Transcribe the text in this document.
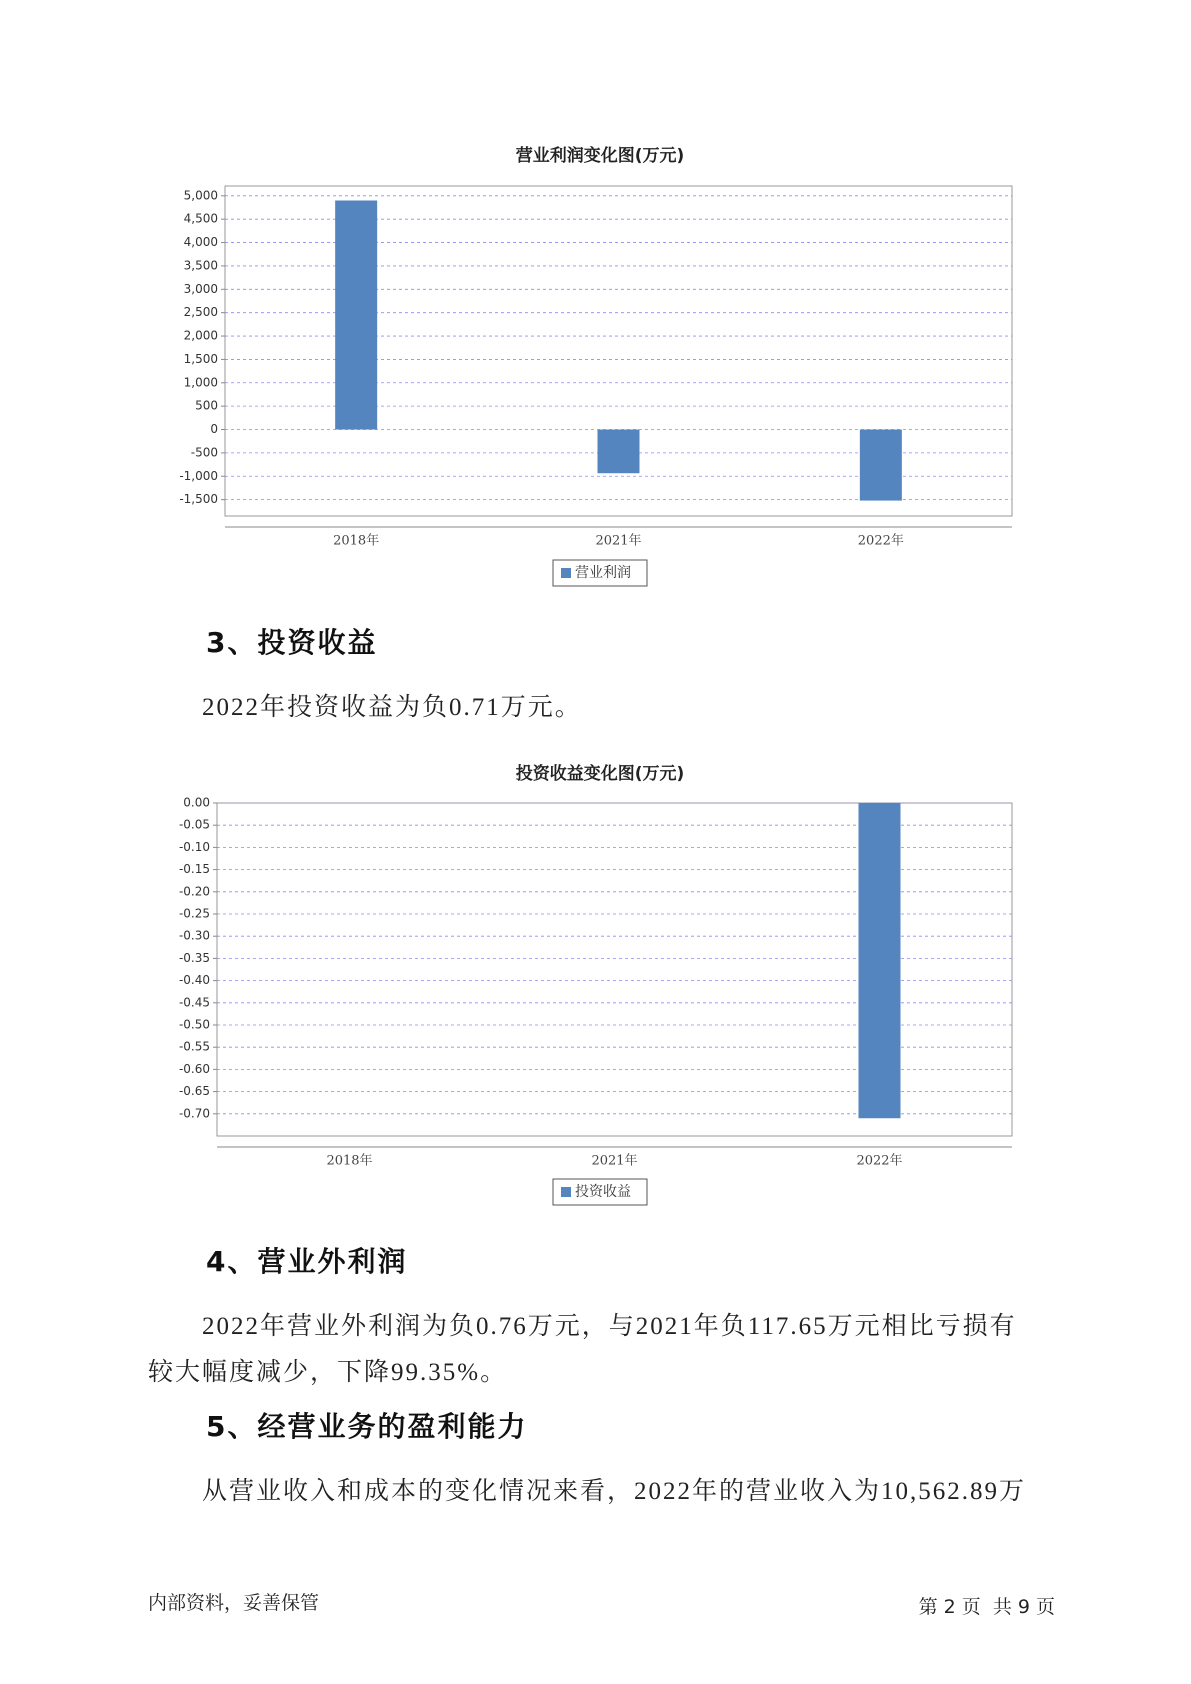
营业利润变化图(万元)
5,000
4,500
4,000
3,500
3,000
2,500
2,000
1,500
1,000
500
0
-500
-1,000
-1,500
2018年	2021年	2022年
营业利润
3、投资收益
2022年投资收益为负0.71万元。
投资收益变化图(万元)
0.00
-0.05
-0.10
-0.15
-0.20
-0.25
-0.30
-0.35
-0.40
-0.45
-0.50
-0.55
-0.60
-0.65
-0.70
2018年	2021年	2022年
投资收益
4、营业外利润
2022年营业外利润为负0.76万元，与2021年负117.65万元相比亏损有
较大幅度减少，下降99.35%。
5、经营业务的盈利能力
从营业收入和成本的变化情况来看，2022年的营业收入为10,562.89万
内部资料，妥善保管	第 2 页  共 9 页
